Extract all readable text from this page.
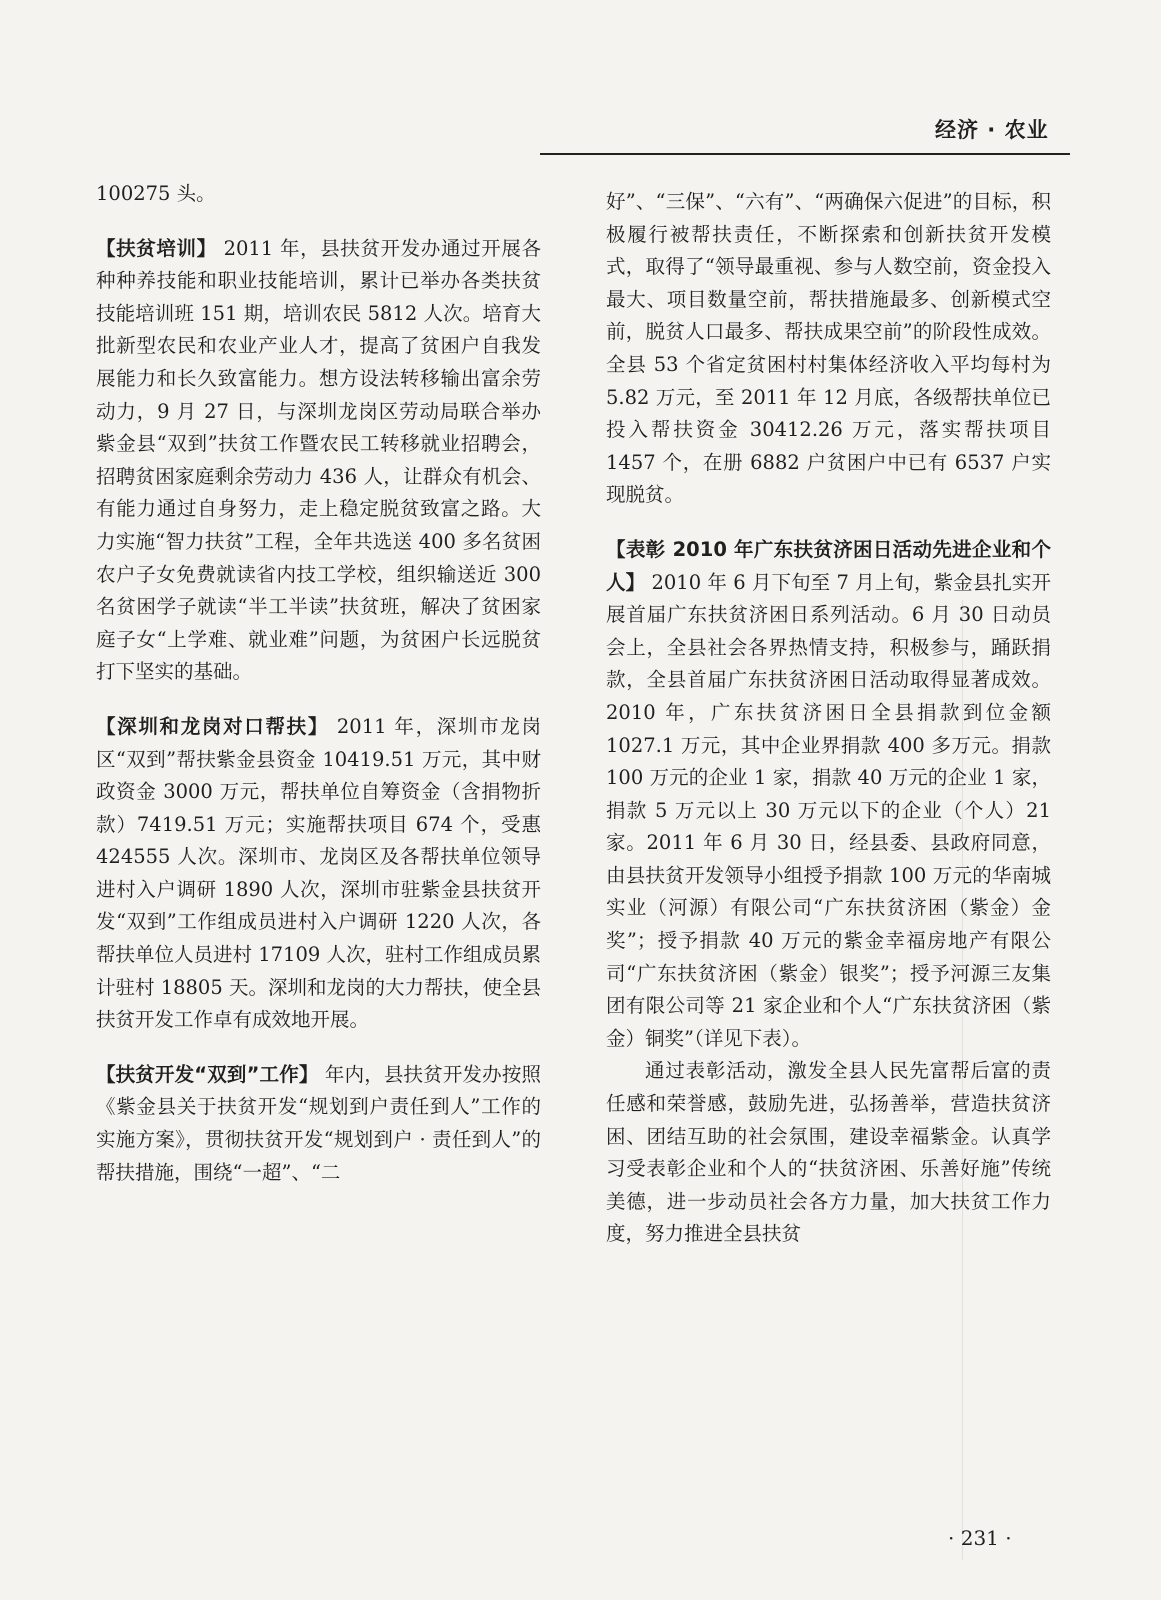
经济 · 农业

100275 头。

【扶贫培训】 2011 年，县扶贫开发办通过开展各种种养技能和职业技能培训，累计已举办各类扶贫技能培训班 151 期，培训农民 5812 人次。培育大批新型农民和农业产业人才，提高了贫困户自我发展能力和长久致富能力。想方设法转移输出富余劳动力，9 月 27 日，与深圳龙岗区劳动局联合举办紫金县“双到”扶贫工作暨农民工转移就业招聘会，招聘贫困家庭剩余劳动力 436 人，让群众有机会、有能力通过自身努力，走上稳定脱贫致富之路。大力实施“智力扶贫”工程，全年共选送 400 多名贫困农户子女免费就读省内技工学校，组织输送近 300 名贫困学子就读“半工半读”扶贫班，解决了贫困家庭子女“上学难、就业难”问题，为贫困户长远脱贫打下坚实的基础。

【深圳和龙岗对口帮扶】 2011 年，深圳市龙岗区“双到”帮扶紫金县资金 10419.51 万元，其中财政资金 3000 万元，帮扶单位自筹资金（含捐物折款）7419.51 万元；实施帮扶项目 674 个，受惠 424555 人次。深圳市、龙岗区及各帮扶单位领导进村入户调研 1890 人次，深圳市驻紫金县扶贫开发“双到”工作组成员进村入户调研 1220 人次，各帮扶单位人员进村 17109 人次，驻村工作组成员累计驻村 18805 天。深圳和龙岗的大力帮扶，使全县扶贫开发工作卓有成效地开展。

【扶贫开发“双到”工作】 年内，县扶贫开发办按照《紫金县关于扶贫开发“规划到户责任到人”工作的实施方案》，贯彻扶贫开发“规划到户 · 责任到人”的帮扶措施，围绕“一超”、“二

好”、“三保”、“六有”、“两确保六促进”的目标，积极履行被帮扶责任，不断探索和创新扶贫开发模式，取得了“领导最重视、参与人数空前，资金投入最大、项目数量空前，帮扶措施最多、创新模式空前，脱贫人口最多、帮扶成果空前”的阶段性成效。全县 53 个省定贫困村村集体经济收入平均每村为 5.82 万元，至 2011 年 12 月底，各级帮扶单位已投入帮扶资金 30412.26 万元，落实帮扶项目 1457 个，在册 6882 户贫困户中已有 6537 户实现脱贫。

【表彰 2010 年广东扶贫济困日活动先进企业和个人】 2010 年 6 月下旬至 7 月上旬，紫金县扎实开展首届广东扶贫济困日系列活动。6 月 30 日动员会上，全县社会各界热情支持，积极参与，踊跃捐款，全县首届广东扶贫济困日活动取得显著成效。2010 年，广东扶贫济困日全县捐款到位金额 1027.1 万元，其中企业界捐款 400 多万元。捐款 100 万元的企业 1 家，捐款 40 万元的企业 1 家，捐款 5 万元以上 30 万元以下的企业（个人）21 家。2011 年 6 月 30 日，经县委、县政府同意，由县扶贫开发领导小组授予捐款 100 万元的华南城实业（河源）有限公司“广东扶贫济困（紫金）金奖”；授予捐款 40 万元的紫金幸福房地产有限公司“广东扶贫济困（紫金）银奖”；授予河源三友集团有限公司等 21 家企业和个人“广东扶贫济困（紫金）铜奖”（详见下表）。

通过表彰活动，激发全县人民先富帮后富的责任感和荣誉感，鼓励先进，弘扬善举，营造扶贫济困、团结互助的社会氛围，建设幸福紫金。认真学习受表彰企业和个人的“扶贫济困、乐善好施”传统美德，进一步动员社会各方力量，加大扶贫工作力度，努力推进全县扶贫

· 231 ·
